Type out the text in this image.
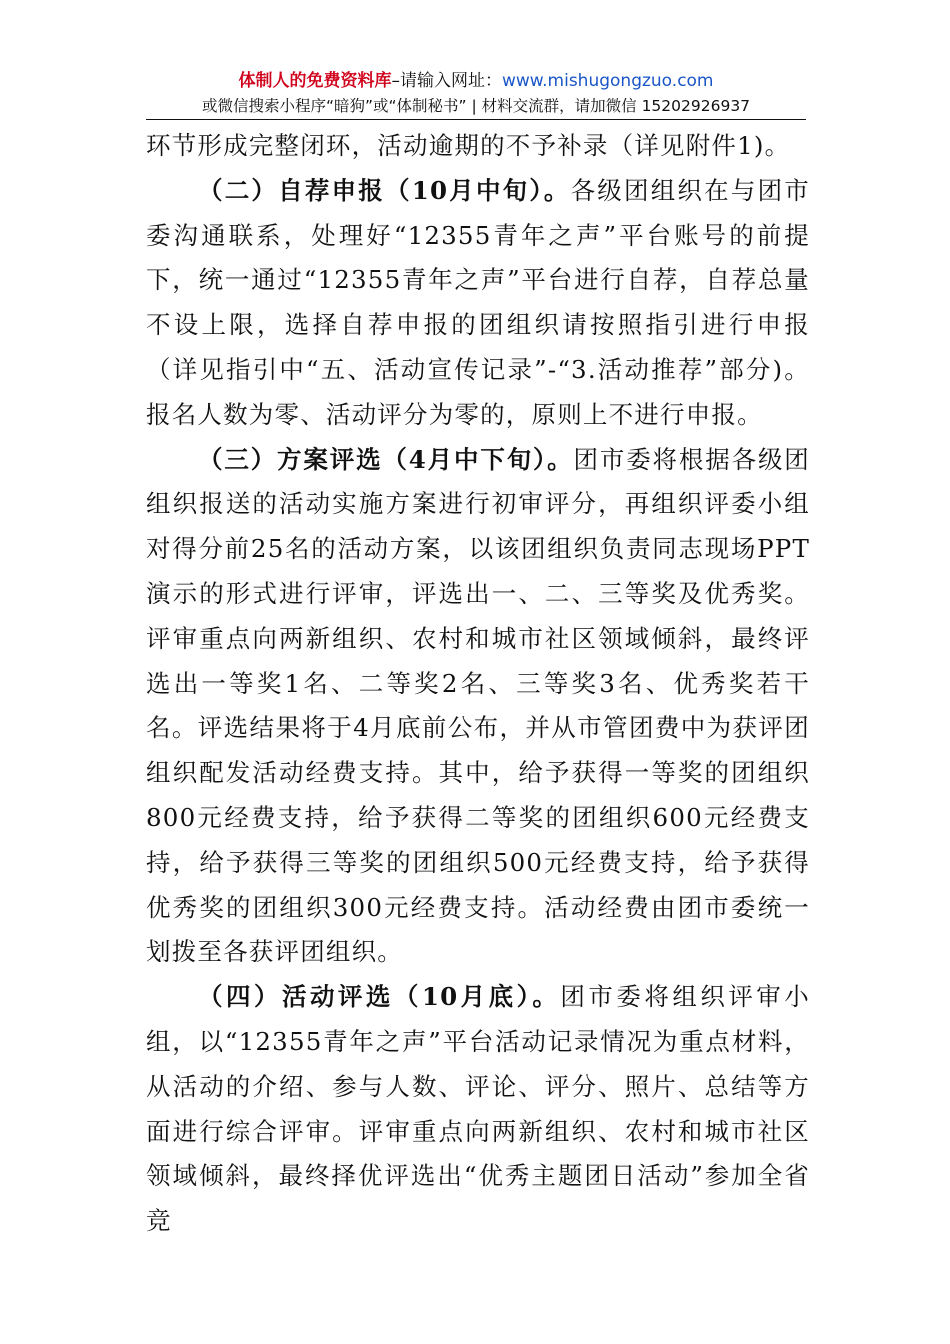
体制人的免费资料库–请输入网址：www.mishugongzuo.com
或微信搜索小程序“暗狗”或“体制秘书” | 材料交流群，请加微信 15202926937

环节形成完整闭环，活动逾期的不予补录（详见附件1)。

（二）自荐申报（10月中旬）。各级团组织在与团市委沟通联系，处理好“12355青年之声”平台账号的前提下，统一通过“12355青年之声”平台进行自荐，自荐总量不设上限，选择自荐申报的团组织请按照指引进行申报（详见指引中“五、活动宣传记录”-“3.活动推荐”部分)。报名人数为零、活动评分为零的，原则上不进行申报。

（三）方案评选（4月中下旬）。团市委将根据各级团组织报送的活动实施方案进行初审评分，再组织评委小组对得分前25名的活动方案，以该团组织负责同志现场PPT演示的形式进行评审，评选出一、二、三等奖及优秀奖。评审重点向两新组织、农村和城市社区领域倾斜，最终评选出一等奖1名、二等奖2名、三等奖3名、优秀奖若干名。评选结果将于4月底前公布，并从市管团费中为获评团组织配发活动经费支持。其中，给予获得一等奖的团组织800元经费支持，给予获得二等奖的团组织600元经费支持，给予获得三等奖的团组织500元经费支持，给予获得优秀奖的团组织300元经费支持。活动经费由团市委统一划拨至各获评团组织。

（四）活动评选（10月底）。团市委将组织评审小组，以“12355青年之声”平台活动记录情况为重点材料，从活动的介绍、参与人数、评论、评分、照片、总结等方面进行综合评审。评审重点向两新组织、农村和城市社区领域倾斜，最终择优评选出“优秀主题团日活动”参加全省竞
